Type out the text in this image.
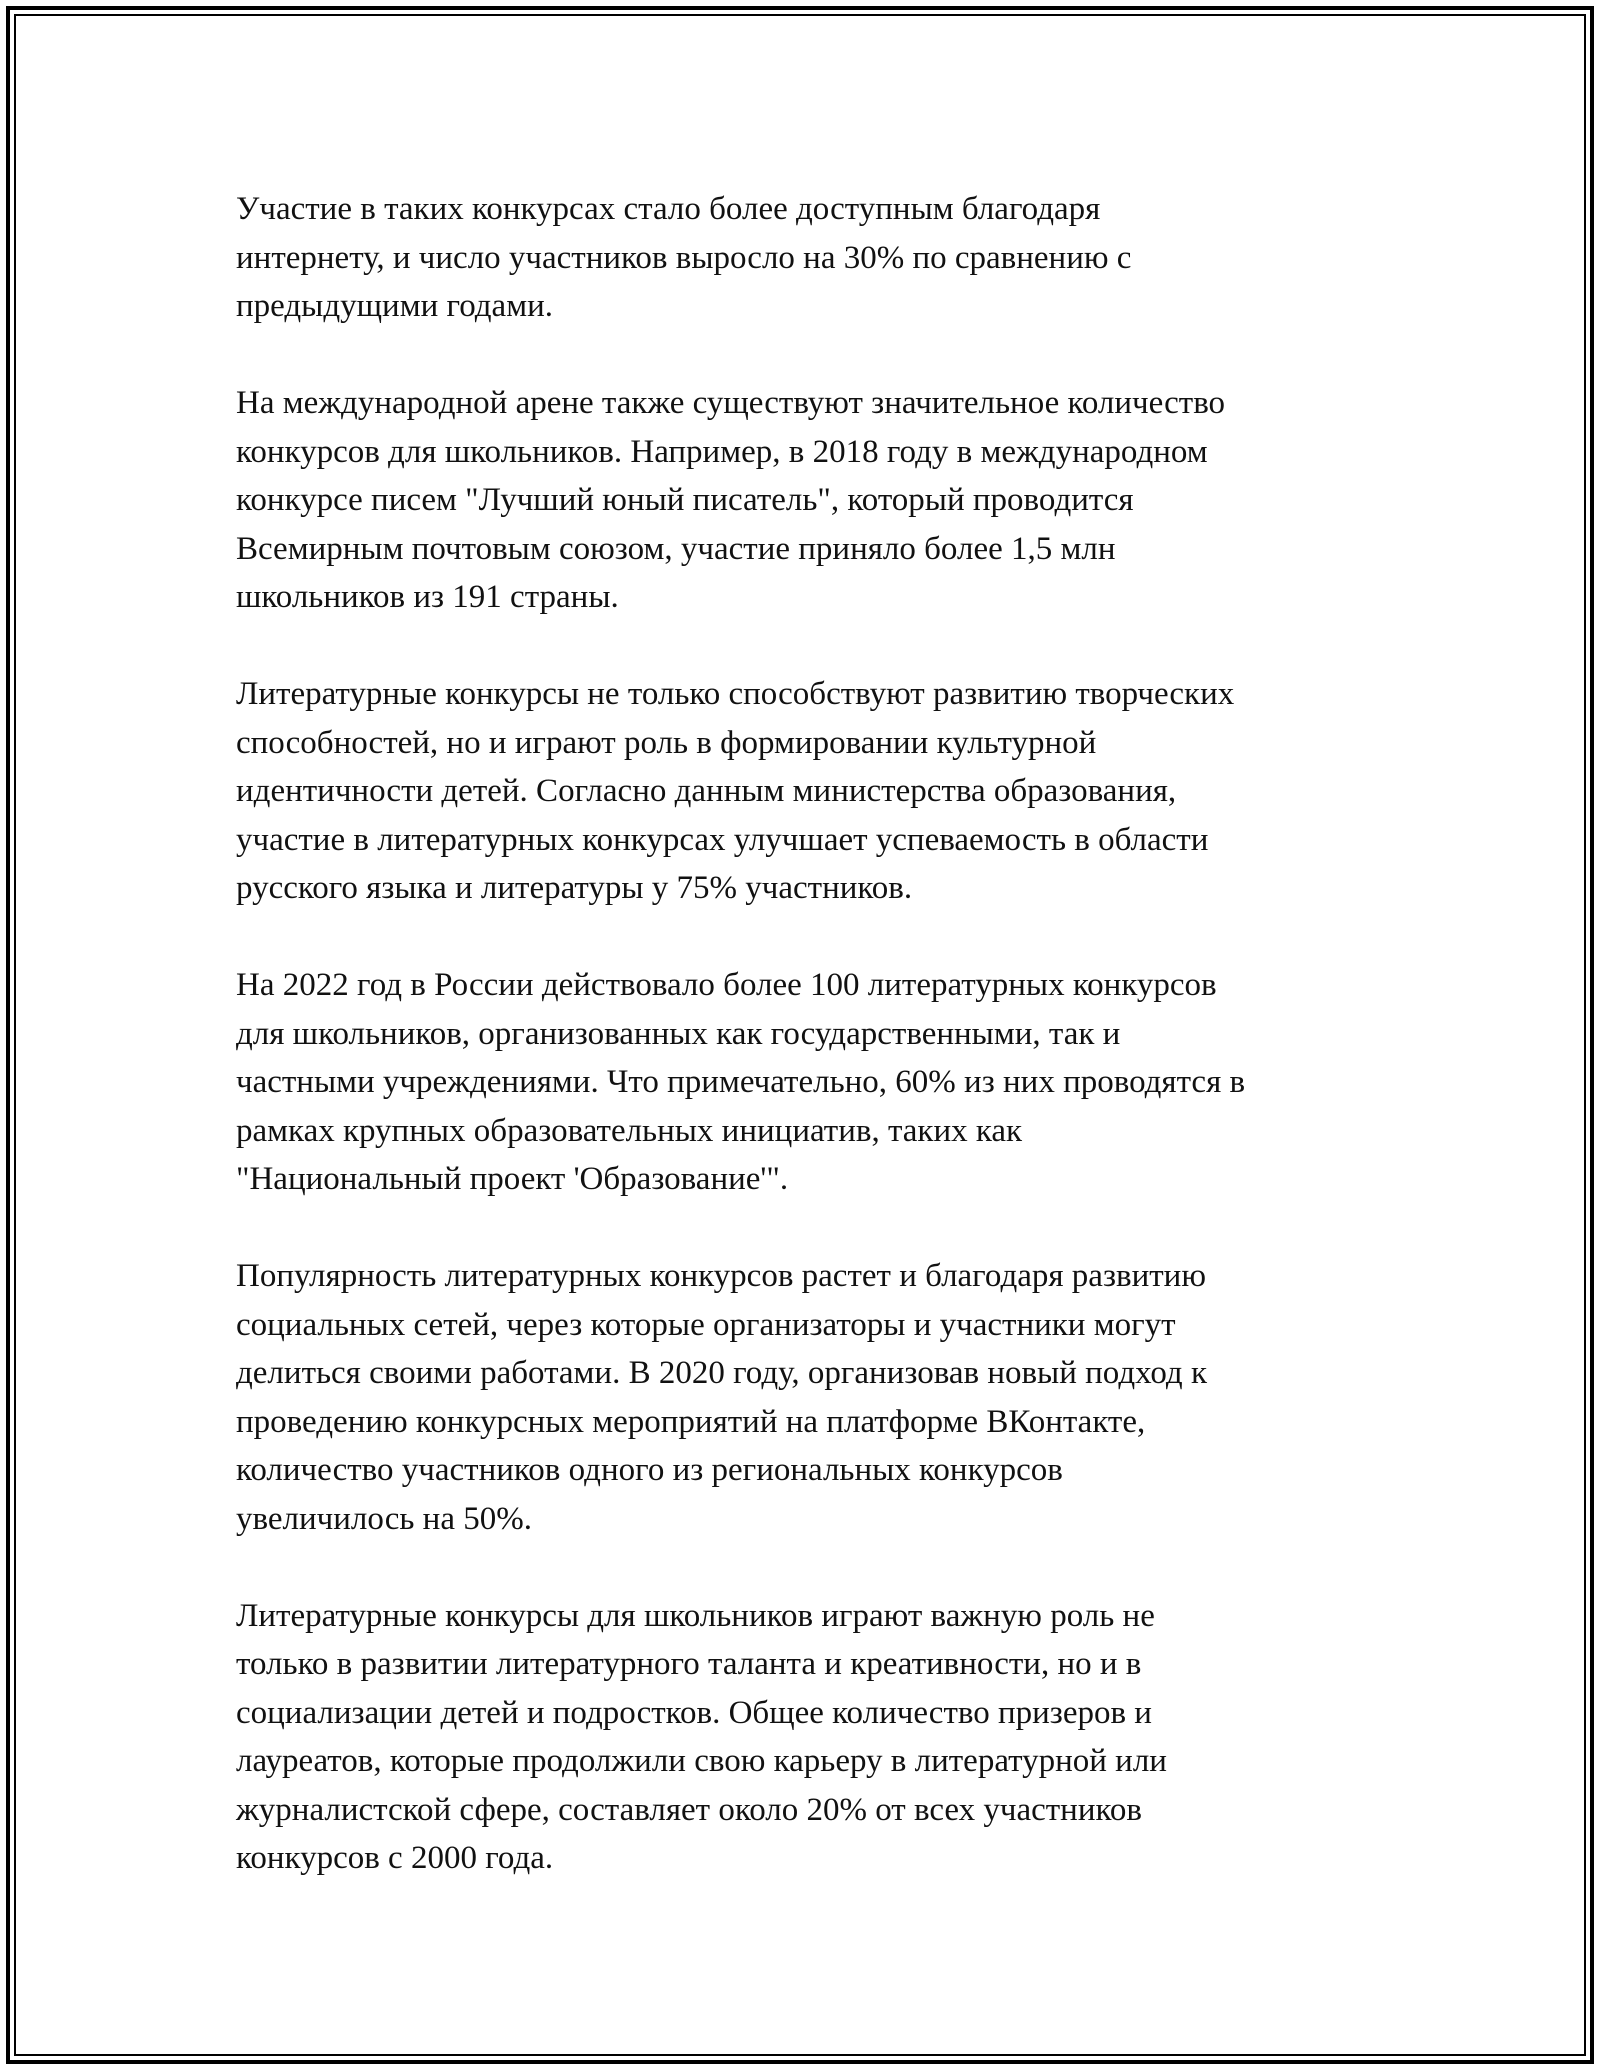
Участие в таких конкурсах стало более доступным благодаря
интернету, и число участников выросло на 30% по сравнению с
предыдущими годами.

На международной арене также существуют значительное количество
конкурсов для школьников. Например, в 2018 году в международном
конкурсе писем "Лучший юный писатель", который проводится
Всемирным почтовым союзом, участие приняло более 1,5 млн
школьников из 191 страны.

Литературные конкурсы не только способствуют развитию творческих
способностей, но и играют роль в формировании культурной
идентичности детей. Согласно данным министерства образования,
участие в литературных конкурсах улучшает успеваемость в области
русского языка и литературы у 75% участников.

На 2022 год в России действовало более 100 литературных конкурсов
для школьников, организованных как государственными, так и
частными учреждениями. Что примечательно, 60% из них проводятся в
рамках крупных образовательных инициатив, таких как
"Национальный проект 'Образование'".

Популярность литературных конкурсов растет и благодаря развитию
социальных сетей, через которые организаторы и участники могут
делиться своими работами. В 2020 году, организовав новый подход к
проведению конкурсных мероприятий на платформе ВКонтакте,
количество участников одного из региональных конкурсов
увеличилось на 50%.

Литературные конкурсы для школьников играют важную роль не
только в развитии литературного таланта и креативности, но и в
социализации детей и подростков. Общее количество призеров и
лауреатов, которые продолжили свою карьеру в литературной или
журналистской сфере, составляет около 20% от всех участников
конкурсов с 2000 года.
